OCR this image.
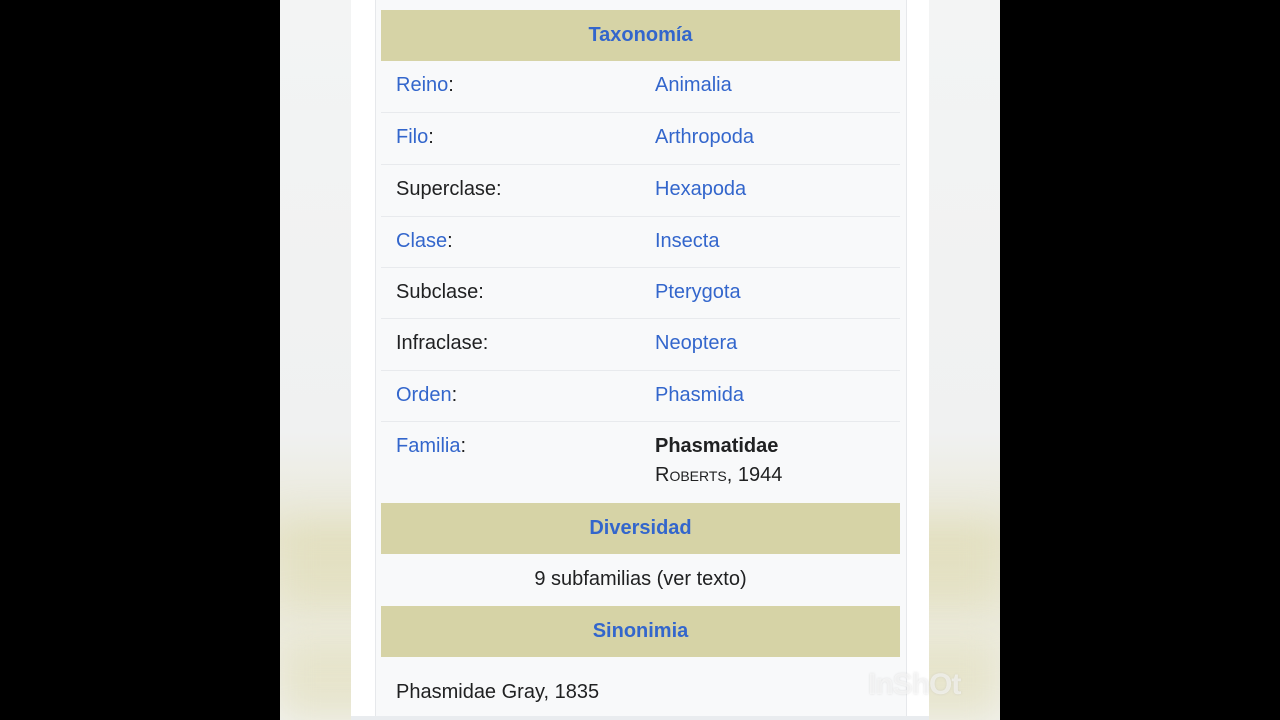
Taxonomía
Reino:	Animalia
Filo:	Arthropoda
Superclase:	Hexapoda
Clase:	Insecta
Subclase:	Pterygota
Infraclase:	Neoptera
Orden:	Phasmida
Familia:	Phasmatidae
Roberts, 1944
Diversidad
9 subfamilias (ver texto)
Sinonimia
Phasmidae Gray, 1835	InShOt
